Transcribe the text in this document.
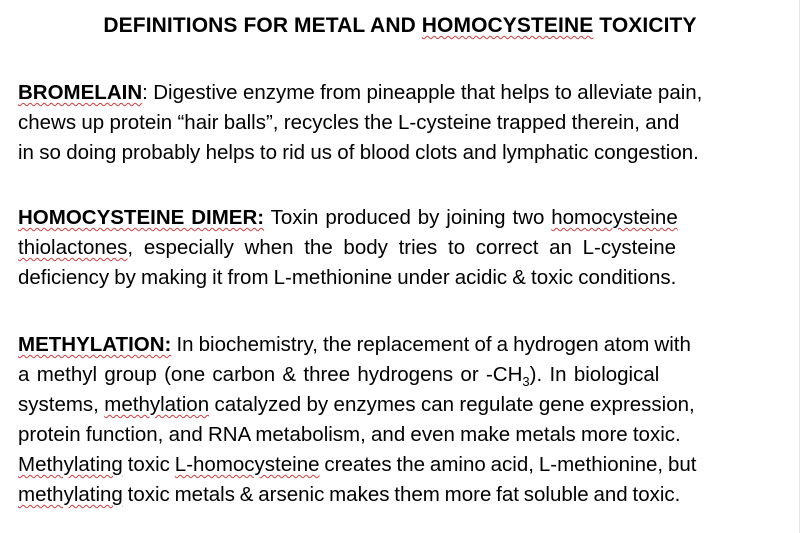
DEFINITIONS FOR METAL AND HOMOCYSTEINE TOXICITY
BROMELAIN: Digestive enzyme from pineapple that helps to alleviate pain,
chews up protein “hair balls”, recycles the L-cysteine trapped therein, and
in so doing probably helps to rid us of blood clots and lymphatic congestion.
HOMOCYSTEINE DIMER: Toxin produced by joining two homocysteine
thiolactones, especially when the body tries to correct an L-cysteine
deficiency by making it from L-methionine under acidic & toxic conditions.
METHYLATION: In biochemistry, the replacement of a hydrogen atom with
a methyl group (one carbon & three hydrogens or $-CH_3$). In biological
systems, methylation catalyzed by enzymes can regulate gene expression,
protein function, and RNA metabolism, and even make metals more toxic.
Methylating toxic L-homocysteine creates the amino acid, L-methionine, but
methylating toxic metals & arsenic makes them more fat soluble and toxic.
